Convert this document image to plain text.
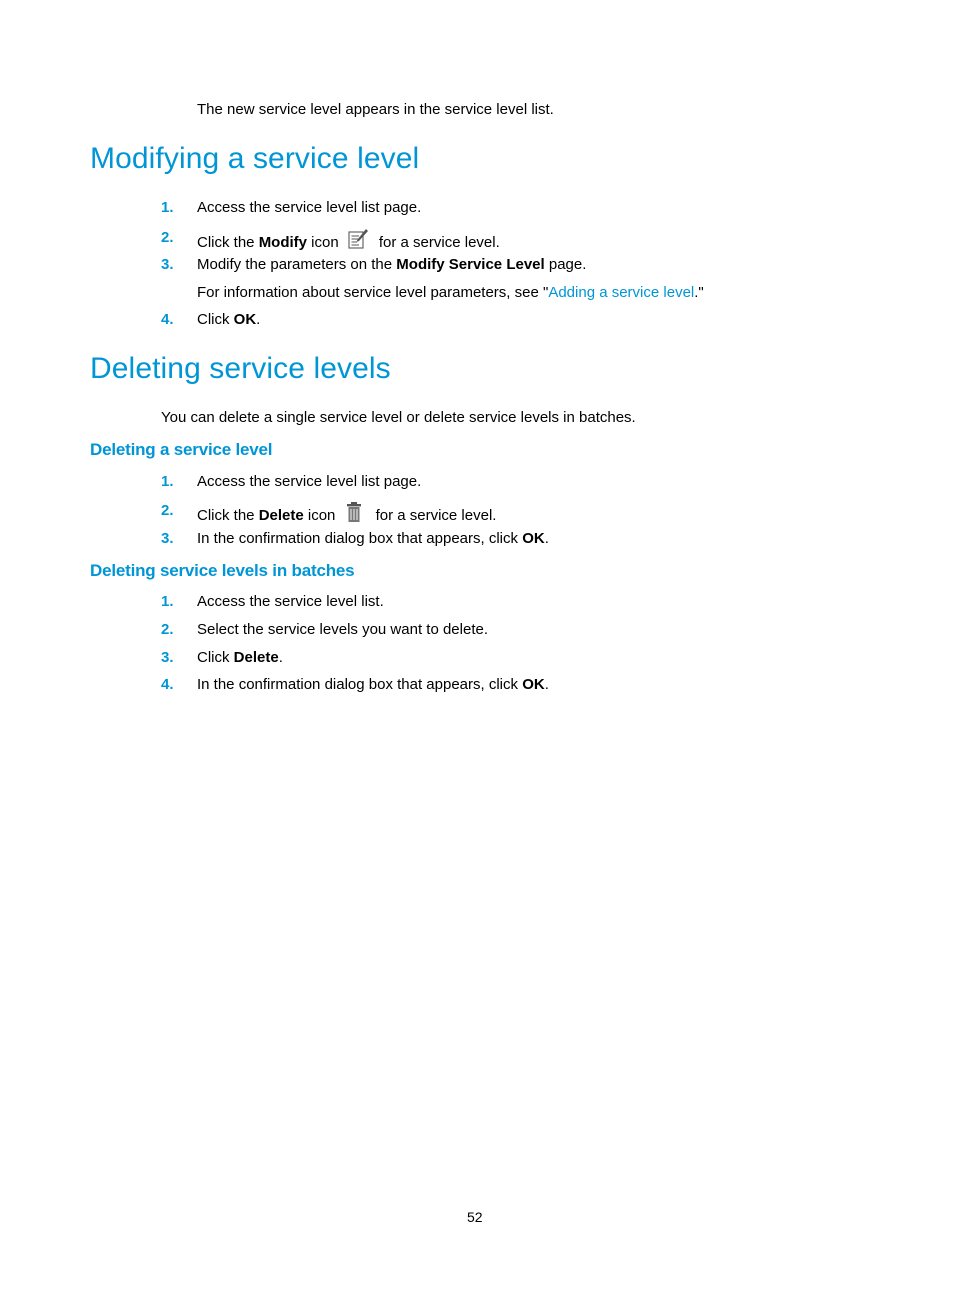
The new service level appears in the service level list.
Modifying a service level
1. Access the service level list page.
2. Click the Modify icon for a service level.
3. Modify the parameters on the Modify Service Level page.
For information about service level parameters, see "Adding a service level."
4. Click OK.
Deleting service levels
You can delete a single service level or delete service levels in batches.
Deleting a service level
1. Access the service level list page.
2. Click the Delete icon for a service level.
3. In the confirmation dialog box that appears, click OK.
Deleting service levels in batches
1. Access the service level list.
2. Select the service levels you want to delete.
3. Click Delete.
4. In the confirmation dialog box that appears, click OK.
52
